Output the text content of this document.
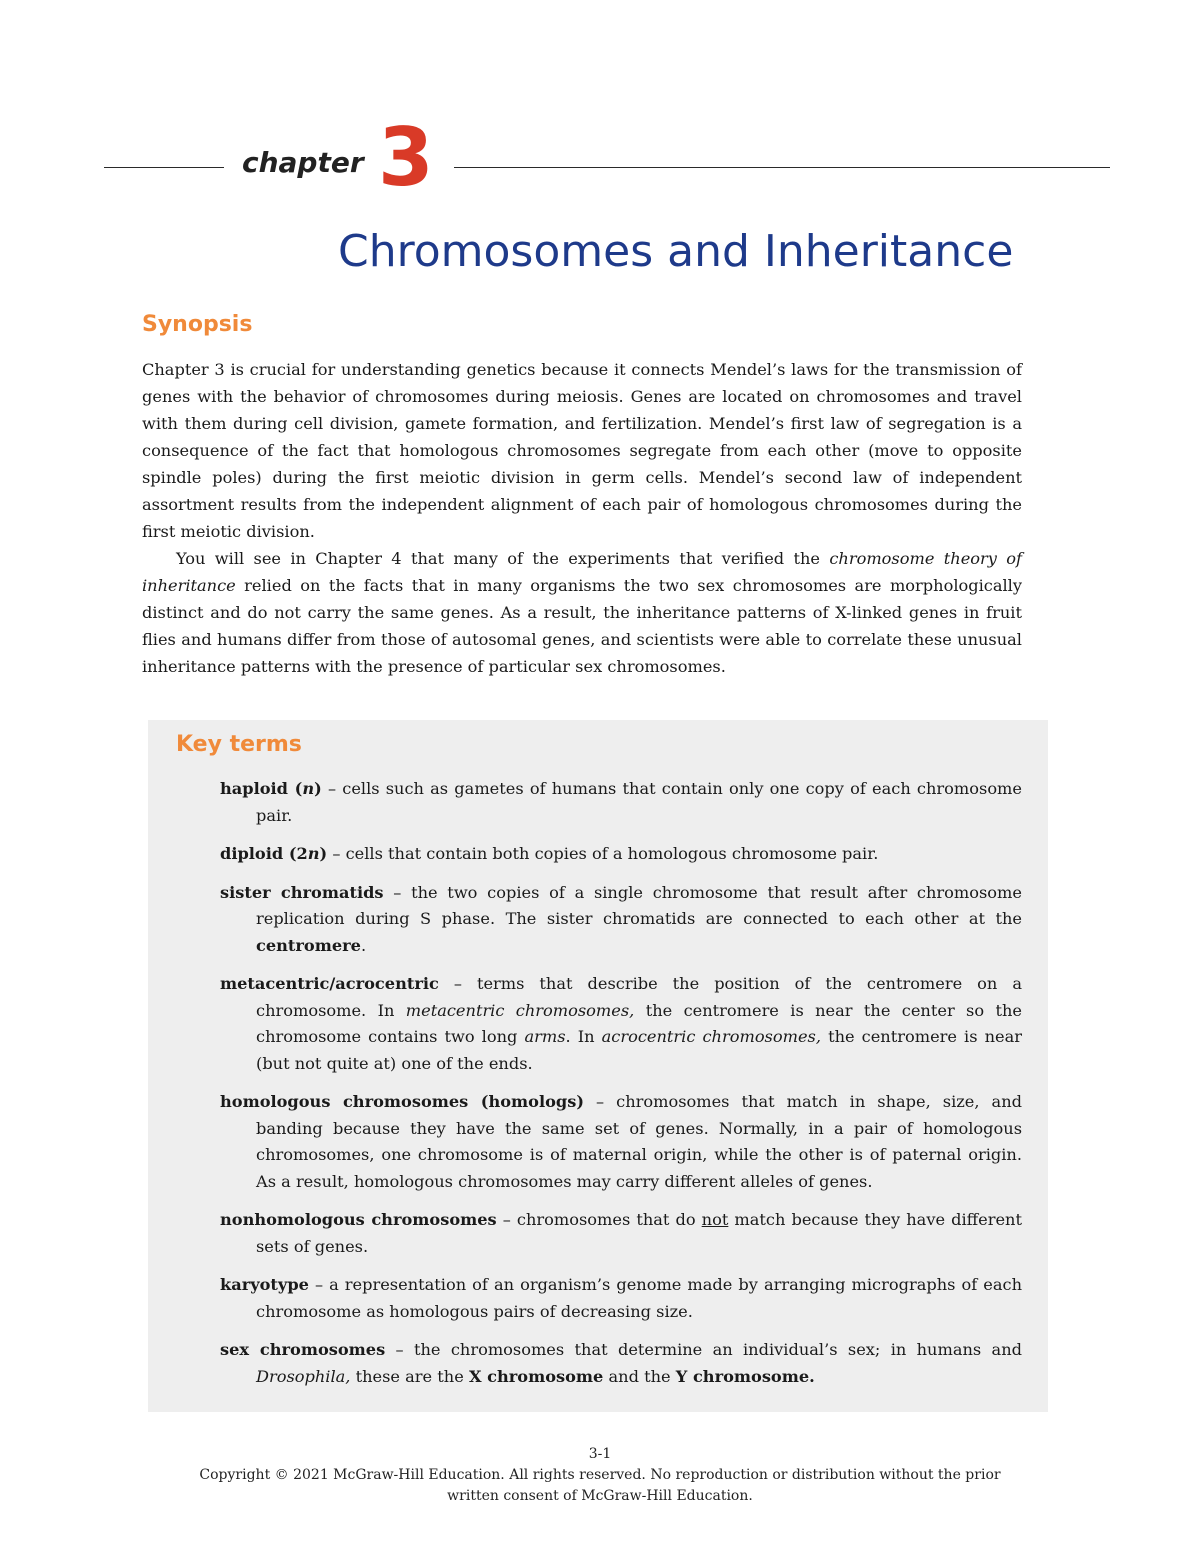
chapter 3
Chromosomes and Inheritance
Synopsis

Chapter 3 is crucial for understanding genetics because it connects Mendel’s laws for the transmission of genes with the behavior of chromosomes during meiosis. Genes are located on chromosomes and travel with them during cell division, gamete formation, and fertilization. Mendel’s first law of segregation is a consequence of the fact that homologous chromosomes segregate from each other (move to opposite spindle poles) during the first meiotic division in germ cells. Mendel’s second law of independent assortment results from the independent alignment of each pair of homologous chromosomes during the first meiotic division.

You will see in Chapter 4 that many of the experiments that verified the chromosome theory of inheritance relied on the facts that in many organisms the two sex chromosomes are morphologically distinct and do not carry the same genes. As a result, the inheritance patterns of X-linked genes in fruit flies and humans differ from those of autosomal genes, and scientists were able to correlate these unusual inheritance patterns with the presence of particular sex chromosomes.

Key terms
haploid (n) – cells such as gametes of humans that contain only one copy of each chromosome pair.
diploid (2n) – cells that contain both copies of a homologous chromosome pair.
sister chromatids – the two copies of a single chromosome that result after chromosome replication during S phase. The sister chromatids are connected to each other at the centromere.
metacentric/acrocentric – terms that describe the position of the centromere on a chromosome. In metacentric chromosomes, the centromere is near the center so the chromosome contains two long arms. In acrocentric chromosomes, the centromere is near (but not quite at) one of the ends.
homologous chromosomes (homologs) – chromosomes that match in shape, size, and banding because they have the same set of genes. Normally, in a pair of homologous chromosomes, one chromosome is of maternal origin, while the other is of paternal origin. As a result, homologous chromosomes may carry different alleles of genes.
nonhomologous chromosomes – chromosomes that do not match because they have different sets of genes.
karyotype – a representation of an organism’s genome made by arranging micrographs of each chromosome as homologous pairs of decreasing size.
sex chromosomes – the chromosomes that determine an individual’s sex; in humans and Drosophila, these are the X chromosome and the Y chromosome.
3-1
Copyright © 2021 McGraw-Hill Education. All rights reserved. No reproduction or distribution without the prior
written consent of McGraw-Hill Education.
